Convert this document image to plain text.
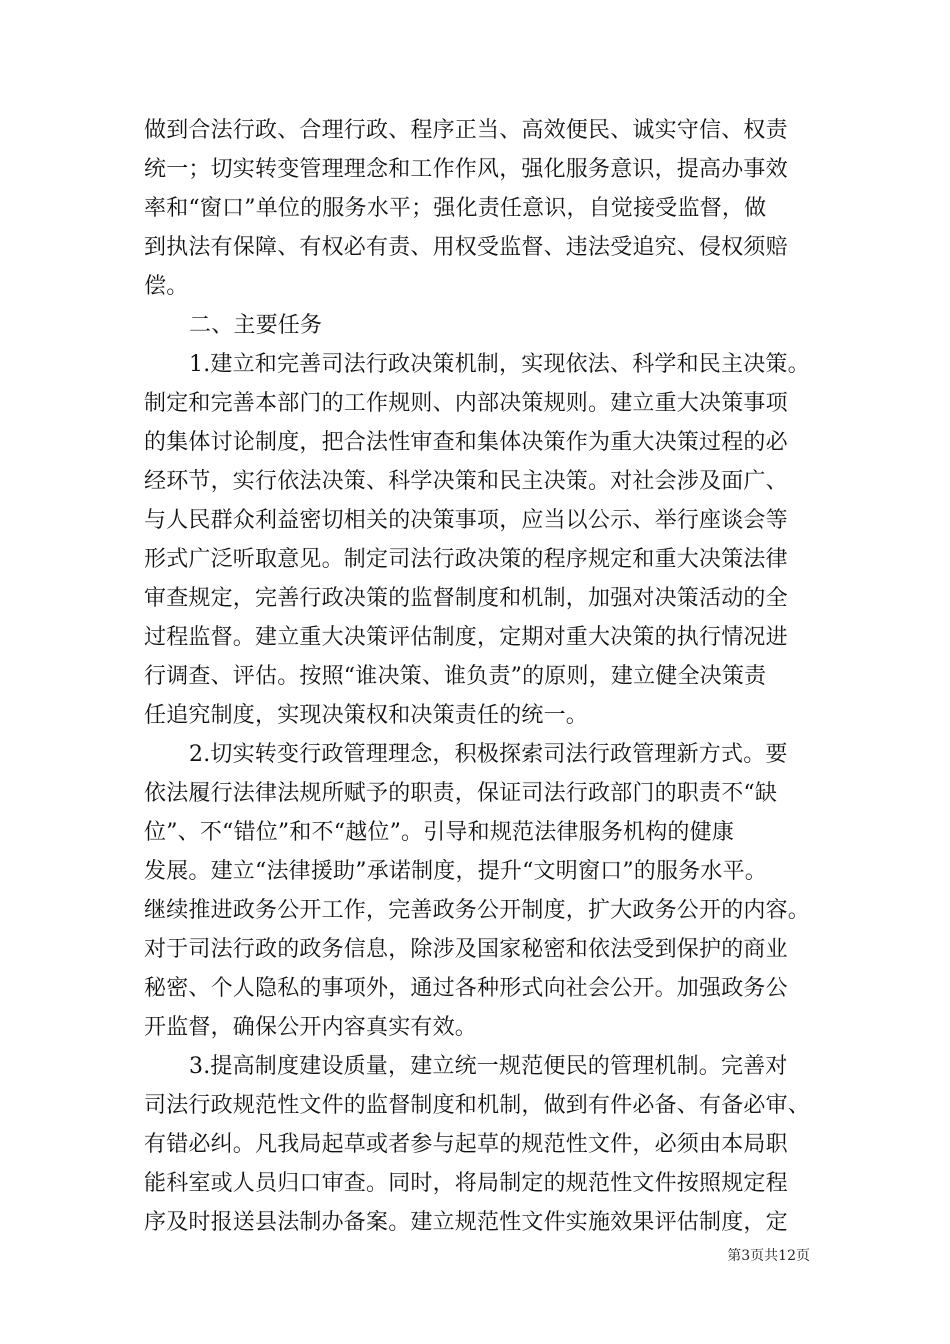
做到合法行政、合理行政、程序正当、高效便民、诚实守信、权责
统一；切实转变管理理念和工作作风，强化服务意识，提高办事效
率和“窗口”单位的服务水平；强化责任意识，自觉接受监督，做
到执法有保障、有权必有责、用权受监督、违法受追究、侵权须赔
偿。
二、主要任务
1.建立和完善司法行政决策机制，实现依法、科学和民主决策。
制定和完善本部门的工作规则、内部决策规则。建立重大决策事项
的集体讨论制度，把合法性审查和集体决策作为重大决策过程的必
经环节，实行依法决策、科学决策和民主决策。对社会涉及面广、
与人民群众利益密切相关的决策事项，应当以公示、举行座谈会等
形式广泛听取意见。制定司法行政决策的程序规定和重大决策法律
审查规定，完善行政决策的监督制度和机制，加强对决策活动的全
过程监督。建立重大决策评估制度，定期对重大决策的执行情况进
行调查、评估。按照“谁决策、谁负责”的原则，建立健全决策责
任追究制度，实现决策权和决策责任的统一。
2.切实转变行政管理理念，积极探索司法行政管理新方式。要
依法履行法律法规所赋予的职责，保证司法行政部门的职责不“缺
位”、不“错位”和不“越位”。引导和规范法律服务机构的健康
发展。建立“法律援助”承诺制度，提升“文明窗口”的服务水平。
继续推进政务公开工作，完善政务公开制度，扩大政务公开的内容。
对于司法行政的政务信息，除涉及国家秘密和依法受到保护的商业
秘密、个人隐私的事项外，通过各种形式向社会公开。加强政务公
开监督，确保公开内容真实有效。
3.提高制度建设质量，建立统一规范便民的管理机制。完善对
司法行政规范性文件的监督制度和机制，做到有件必备、有备必审、
有错必纠。凡我局起草或者参与起草的规范性文件，必须由本局职
能科室或人员归口审查。同时，将局制定的规范性文件按照规定程
序及时报送县法制办备案。建立规范性文件实施效果评估制度，定
第3页共12页
